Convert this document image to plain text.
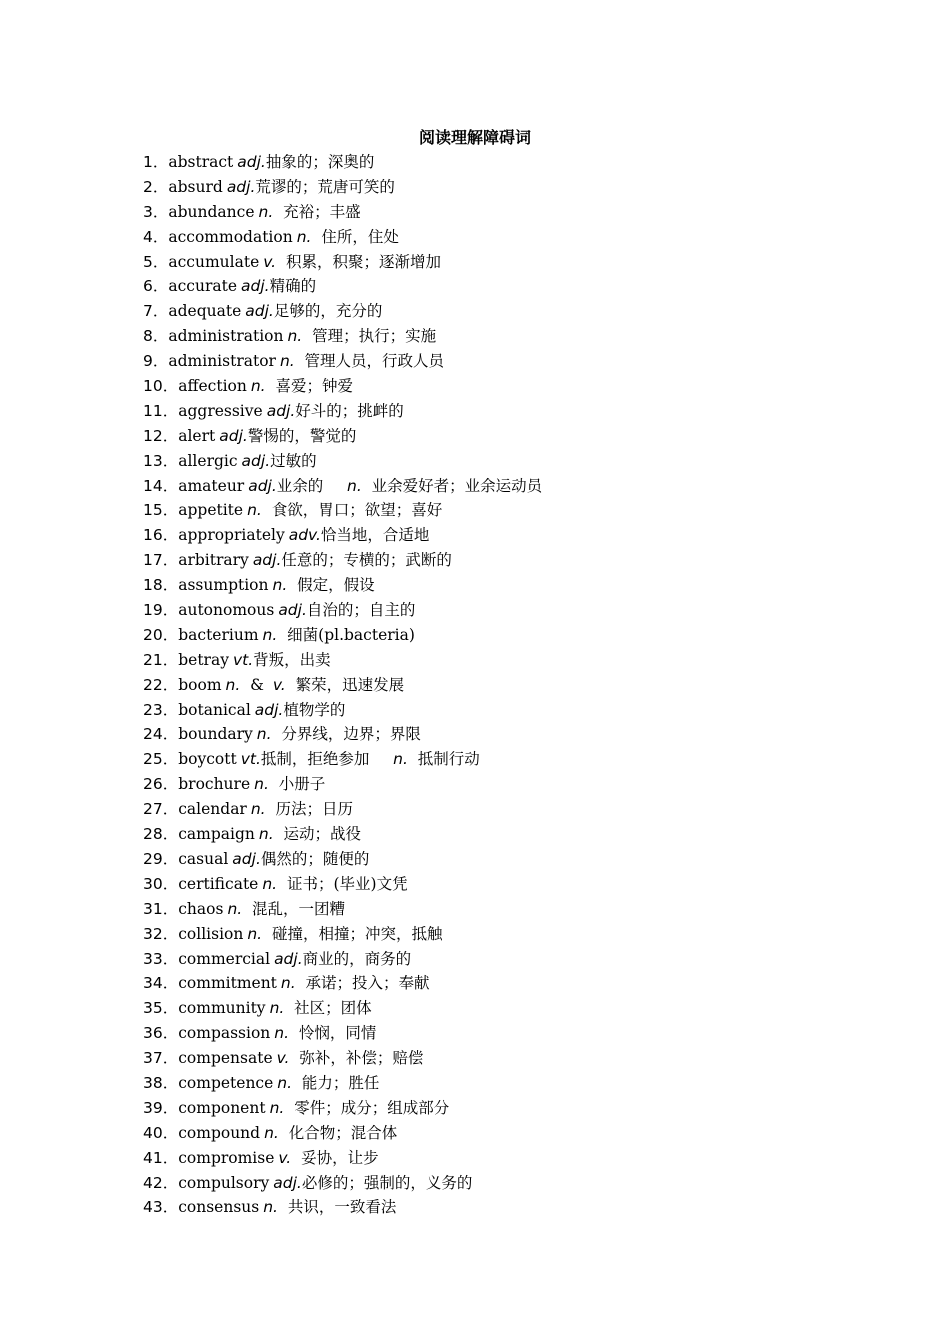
阅读理解障碍词
1．abstract adj.抽象的；深奥的
2．absurd adj.荒谬的；荒唐可笑的
3．abundance n.  充裕；丰盛
4．accommodation n.  住所，住处
5．accumulate v.  积累，积聚；逐渐增加
6．accurate adj.精确的
7．adequate adj.足够的，充分的
8．administration n.  管理；执行；实施
9．administrator n.  管理人员，行政人员
10．affection n.  喜爱；钟爱
11．aggressive adj.好斗的；挑衅的
12．alert adj.警惕的，警觉的
13．allergic adj.过敏的
14．amateur adj.业余的    n.  业余爱好者；业余运动员
15．appetite n.  食欲，胃口；欲望；喜好
16．appropriately adv.恰当地，合适地
17．arbitrary adj.任意的；专横的；武断的
18．assumption n.  假定，假设
19．autonomous adj.自治的；自主的
20．bacterium n.  细菌(pl.bacteria)
21．betray vt.背叛，出卖
22．boom n.  & v.  繁荣，迅速发展
23．botanical adj.植物学的
24．boundary n.  分界线，边界；界限
25．boycott vt.抵制，拒绝参加    n.  抵制行动
26．brochure n.  小册子
27．calendar n.  历法；日历
28．campaign n.  运动；战役
29．casual adj.偶然的；随便的
30．certificate n.  证书；(毕业)文凭
31．chaos n.  混乱，一团糟
32．collision n.  碰撞，相撞；冲突，抵触
33．commercial adj.商业的，商务的
34．commitment n.  承诺；投入；奉献
35．community n.  社区；团体
36．compassion n.  怜悯，同情
37．compensate v.  弥补，补偿；赔偿
38．competence n.  能力；胜任
39．component n.  零件；成分；组成部分
40．compound n.  化合物；混合体
41．compromise v.  妥协，让步
42．compulsory adj.必修的；强制的，义务的
43．consensus n.  共识，一致看法
